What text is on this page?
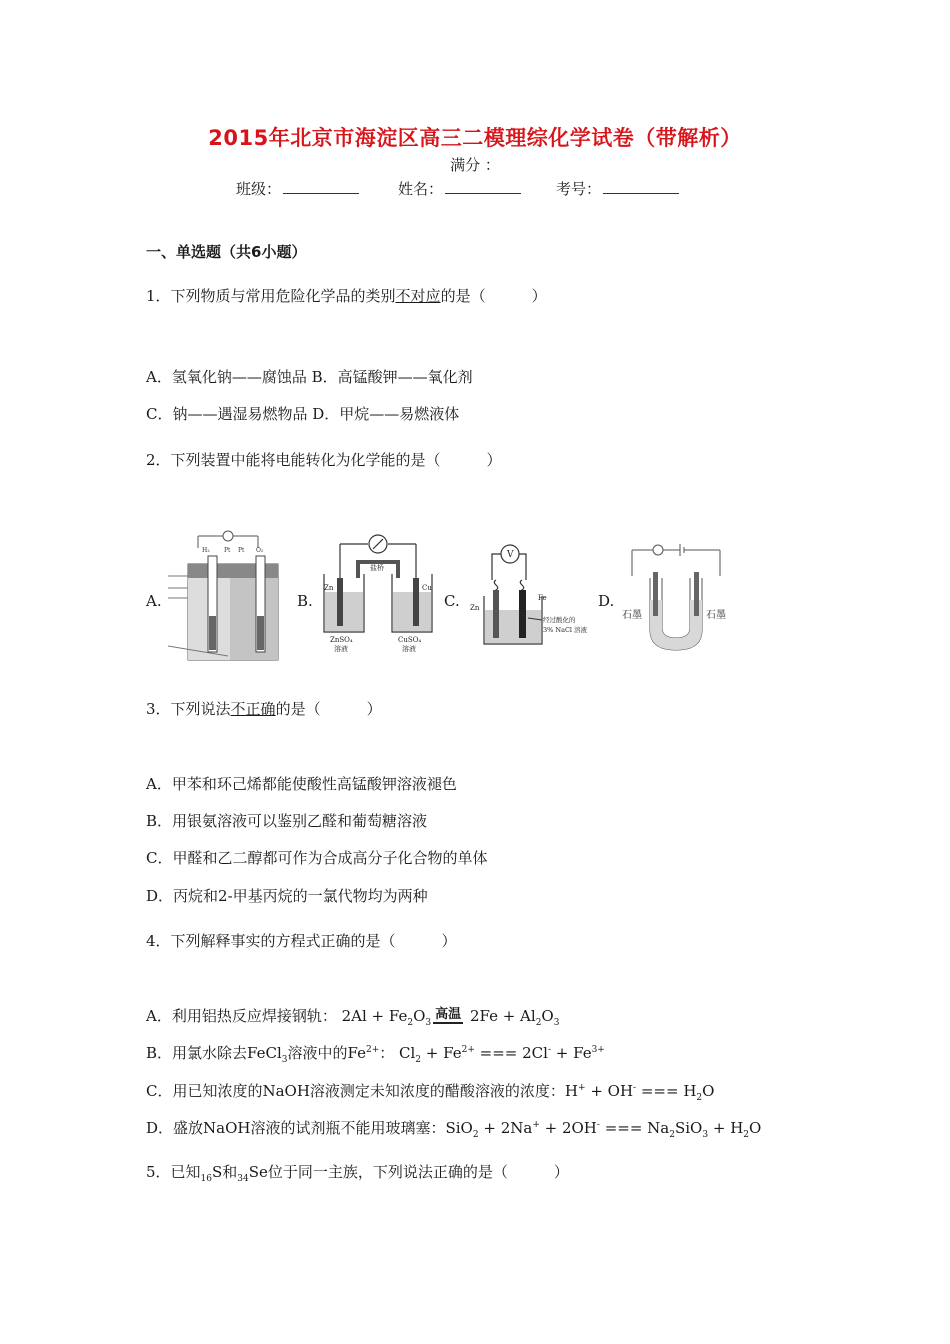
2015年北京市海淀区高三二模理综化学试卷（带解析）
满分 ：
班级：	姓名：	考号：
一、单选题（共6小题）
1．下列物质与常用危险化学品的类别不对应的是（	）
A．氢氧化钠——腐蚀品 B．高锰酸钾——氧化剂
C．钠——遇湿易燃物品 D．甲烷——易燃液体
2．下列装置中能将电能转化为化学能的是（	）
A.	B.	C.	D.
H₂ Pt Pt O₂
盐桥
Zn	Cu
ZnSO₄	CuSO₄
溶液	溶液
V
Zn
Fe
经过酸化的
3% NaCl 溶液
石墨	石墨
3．下列说法不正确的是（	）
A．甲苯和环己烯都能使酸性高锰酸钾溶液褪色
B．用银氨溶液可以鉴别乙醛和葡萄糖溶液
C．甲醛和乙二醇都可作为合成高分子化合物的单体
D．丙烷和2-甲基丙烷的一氯代物均为两种
4．下列解释事实的方程式正确的是（	）
A．利用铝热反应焊接钢轨： $2Al + Fe_2O_3$高温 $2Fe + Al_2O_3$
B．用氯水除去FeCl$_3$溶液中的$Fe^{2+}$： $Cl_2 + Fe^{2+}$ === $2Cl^- + Fe^{3+}$
C．用已知浓度的NaOH溶液测定未知浓度的醋酸溶液的浓度：H+ + OH- === $H_2O$
D．盛放NaOH溶液的试剂瓶不能用玻璃塞：SiO$_2$ + 2Na+ + 2OH- === $Na_2SiO_3 + H_2O$
5．已知$_{16}$S和$_{34}$Se位于同一主族，下列说法正确的是（	）
